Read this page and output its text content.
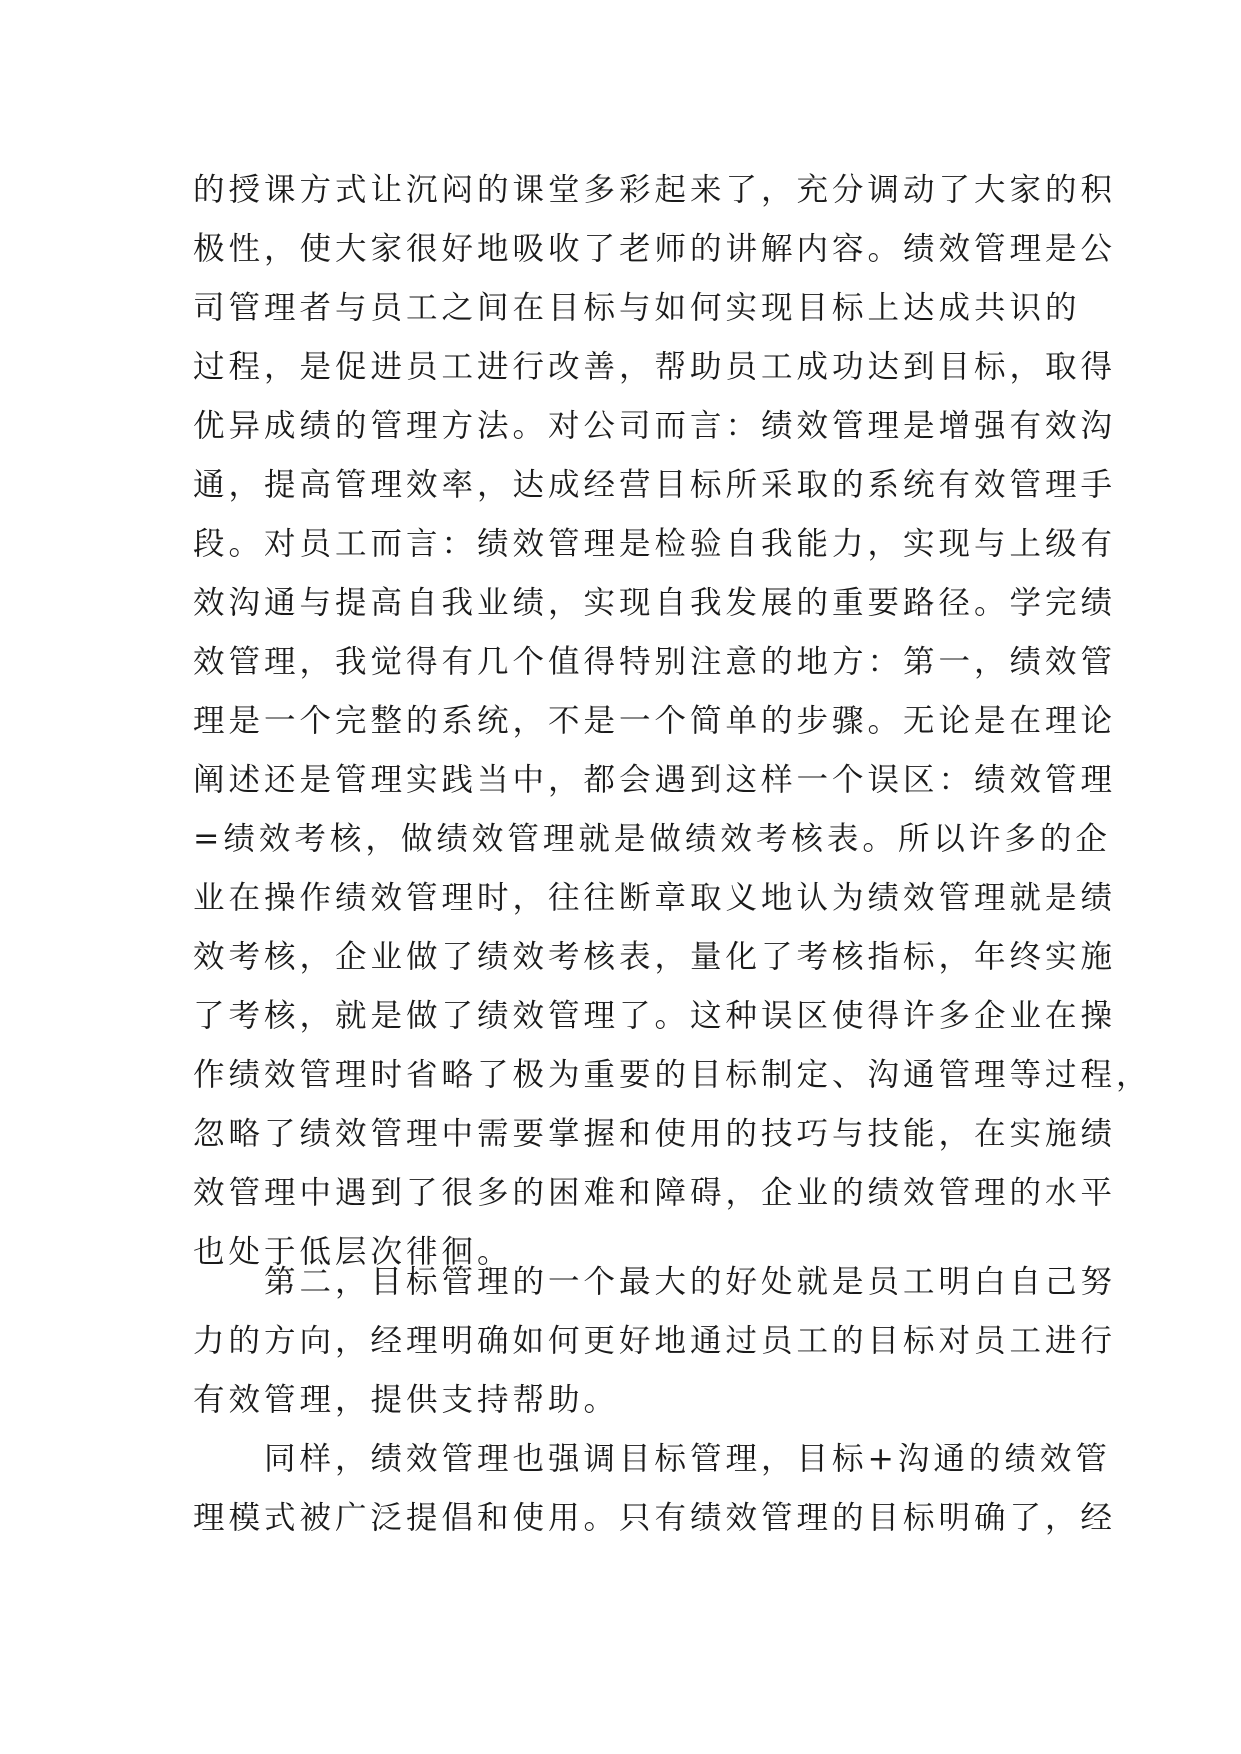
的授课方式让沉闷的课堂多彩起来了，充分调动了大家的积
极性，使大家很好地吸收了老师的讲解内容。绩效管理是公
司管理者与员工之间在目标与如何实现目标上达成共识的
过程，是促进员工进行改善，帮助员工成功达到目标，取得
优异成绩的管理方法。对公司而言：绩效管理是增强有效沟
通，提高管理效率，达成经营目标所采取的系统有效管理手
段。对员工而言：绩效管理是检验自我能力，实现与上级有
效沟通与提高自我业绩，实现自我发展的重要路径。学完绩
效管理，我觉得有几个值得特别注意的地方：第一，绩效管
理是一个完整的系统，不是一个简单的步骤。无论是在理论
阐述还是管理实践当中，都会遇到这样一个误区：绩效管理
=绩效考核，做绩效管理就是做绩效考核表。所以许多的企
业在操作绩效管理时，往往断章取义地认为绩效管理就是绩
效考核，企业做了绩效考核表，量化了考核指标，年终实施
了考核，就是做了绩效管理了。这种误区使得许多企业在操
作绩效管理时省略了极为重要的目标制定、沟通管理等过程，
忽略了绩效管理中需要掌握和使用的技巧与技能，在实施绩
效管理中遇到了很多的困难和障碍，企业的绩效管理的水平
也处于低层次徘徊。
　　第二，目标管理的一个最大的好处就是员工明白自己努
力的方向，经理明确如何更好地通过员工的目标对员工进行
有效管理，提供支持帮助。
　　同样，绩效管理也强调目标管理，目标+沟通的绩效管
理模式被广泛提倡和使用。只有绩效管理的目标明确了，经
